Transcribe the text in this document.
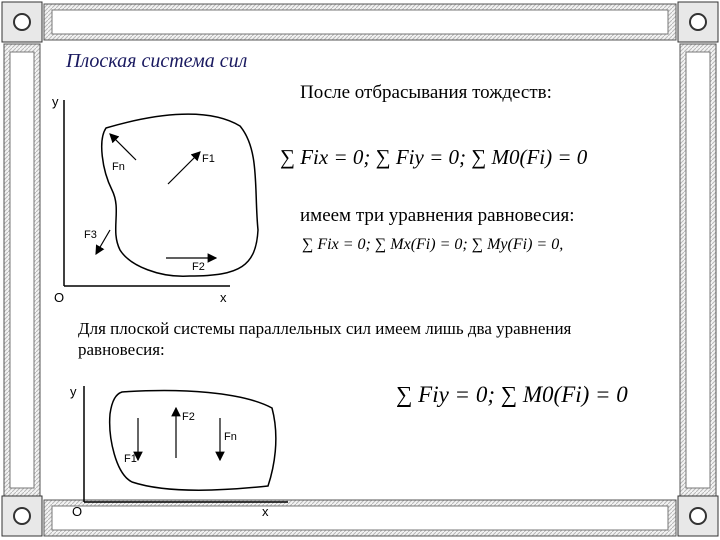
Плоская система сил
После отбрасывания тождеств:
имеем три уравнения равновесия:
Для плоской системы параллельных сил имеем лишь два уравнения равновесия:
y
O	x
Fn
F1
F3
F2
y
O	x
F1
F2
Fn
∑ Fix = 0; ∑ Fiy = 0; ∑ M0(Fi) = 0
∑ Fix = 0; ∑ Mx(Fi) = 0; ∑ My(Fi) = 0,
∑ Fiy = 0; ∑ M0(Fi) = 0
